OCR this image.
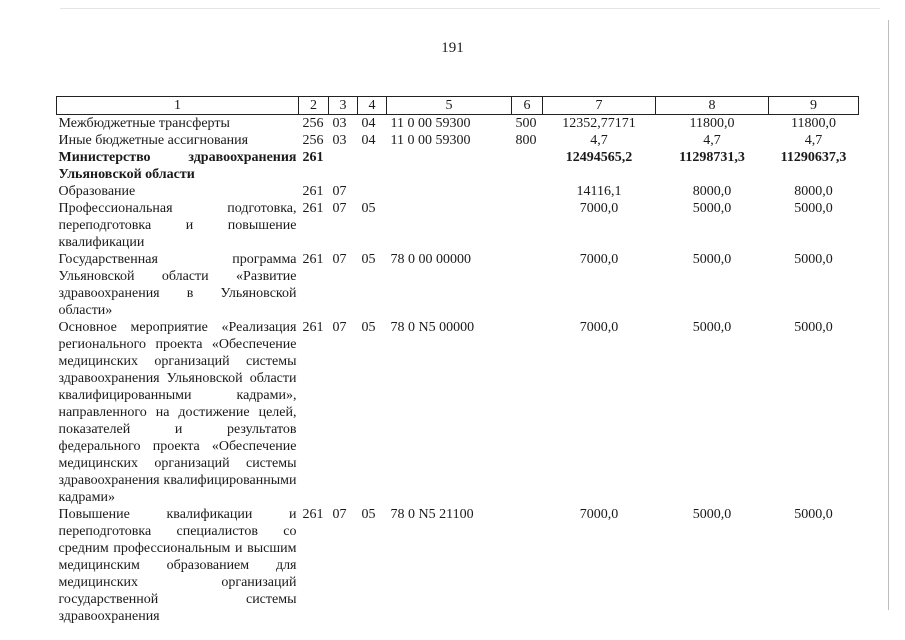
191
1	2	3	4	5	6	7	8	9
Межбюджетные трансферты	256	03	04	11 0 00 59300	500	12352,77171	11800,0	11800,0
Иные бюджетные ассигнования	256	03	04	11 0 00 59300	800	4,7	4,7	4,7
Министерство здравоохранения Ульяновской области	261					12494565,2	11298731,3	11290637,3
Образование	261	07				14116,1	8000,0	8000,0
Профессиональная подготовка, переподготовка и повышение квалификации	261	07	05			7000,0	5000,0	5000,0
Государственная программа Ульяновской области «Развитие здравоохранения в Ульяновской области»	261	07	05	78 0 00 00000		7000,0	5000,0	5000,0
Основное мероприятие «Реализация регионального проекта «Обеспечение медицинских организаций системы здравоохранения Ульяновской области квалифицированными кадрами», направленного на достижение целей, показателей и результатов федерального проекта «Обеспечение медицинских организаций системы здравоохранения квалифицированными кадрами»	261	07	05	78 0 N5 00000		7000,0	5000,0	5000,0
Повышение квалификации и переподготовка специалистов со средним профессиональным и высшим медицинским образованием для медицинских организаций государственной системы здравоохранения	261	07	05	78 0 N5 21100		7000,0	5000,0	5000,0
